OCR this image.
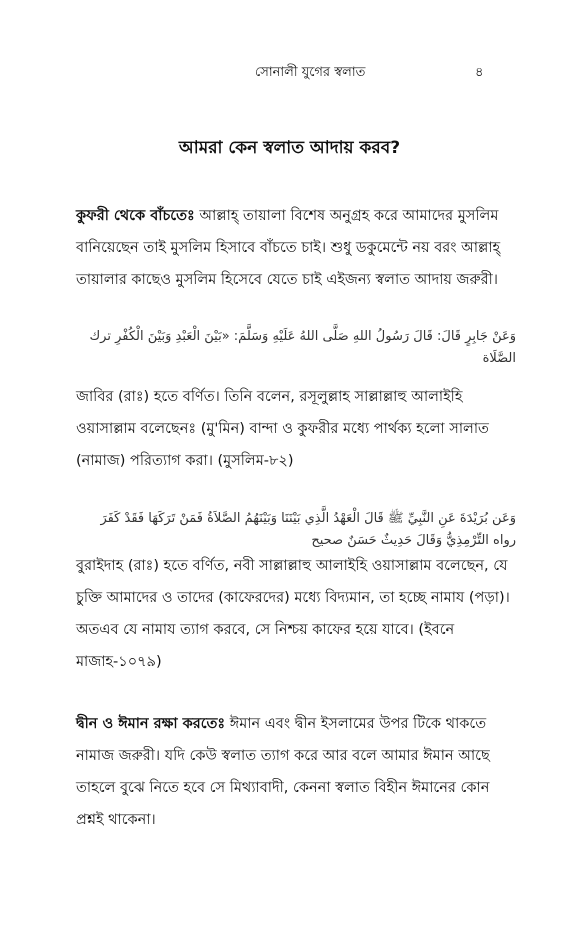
সোনালী যুগের স্বলাত	৪
আমরা কেন স্বলাত আদায় করব?
কুফরী থেকে বাঁচতেঃ আল্লাহ্‌ তায়ালা বিশেষ অনুগ্রহ করে আমাদের মুসলিম বানিয়েছেন তাই মুসলিম হিসাবে বাঁচতে চাই। শুধু ডকুমেন্টে নয় বরং আল্লাহ্‌ তায়ালার কাছেও মুসলিম হিসেবে যেতে চাই এইজন্য স্বলাত আদায় জরুরী।
وَعَنْ جَابِرٍ قَالَ: قَالَ رَسُولُ اللهِ صَلَّى اللهُ عَلَيْهِ وَسَلَّمَ: «بَيْنَ الْعَبْدِ وَبَيْنَ الْكُفْرِ ترك الصَّلَاة
জাবির (রাঃ) হতে বর্ণিত। তিনি বলেন, রসূলুল্লাহ সাল্লাল্লাহু আলাইহি ওয়াসাল্লাম বলেছেনঃ (মু'মিন) বান্দা ও কুফরীর মধ্যে পার্থক্য হলো সালাত (নামাজ) পরিত্যাগ করা। (মুসলিম-৮২)
وَعَن بُرَيْدَةَ عَنِ النَّبِيِّ ﷺ قَالَ الْعَهْدُ الَّذِي بَيْنَنَا وَبَيْنَهُمُ الصَّلاَةُ فَمَنْ تَرَكَهَا فَقَدْ كَفَرَ رواه التِّرْمِذِيُّ وَقَالَ حَدِيثٌ حَسَنٌ صحيح
বুরাইদাহ (রাঃ) হতে বর্ণিত, নবী সাল্লাল্লাহু আলাইহি ওয়াসাল্লাম বলেছেন, যে চুক্তি আমাদের ও তাদের (কাফেরদের) মধ্যে বিদ্যমান, তা হচ্ছে নামায (পড়া)। অতএব যে নামায ত্যাগ করবে, সে নিশ্চয় কাফের হয়ে যাবে। (ইবনে মাজাহ-১০৭৯)
দ্বীন ও ঈমান রক্ষা করতেঃ ঈমান এবং দ্বীন ইসলামের উপর টিকে থাকতে নামাজ জরুরী। যদি কেউ স্বলাত ত্যাগ করে আর বলে আমার ঈমান আছে তাহলে বুঝে নিতে হবে সে মিথ্যাবাদী, কেননা স্বলাত বিহীন ঈমানের কোন প্রশ্নই থাকেনা।
